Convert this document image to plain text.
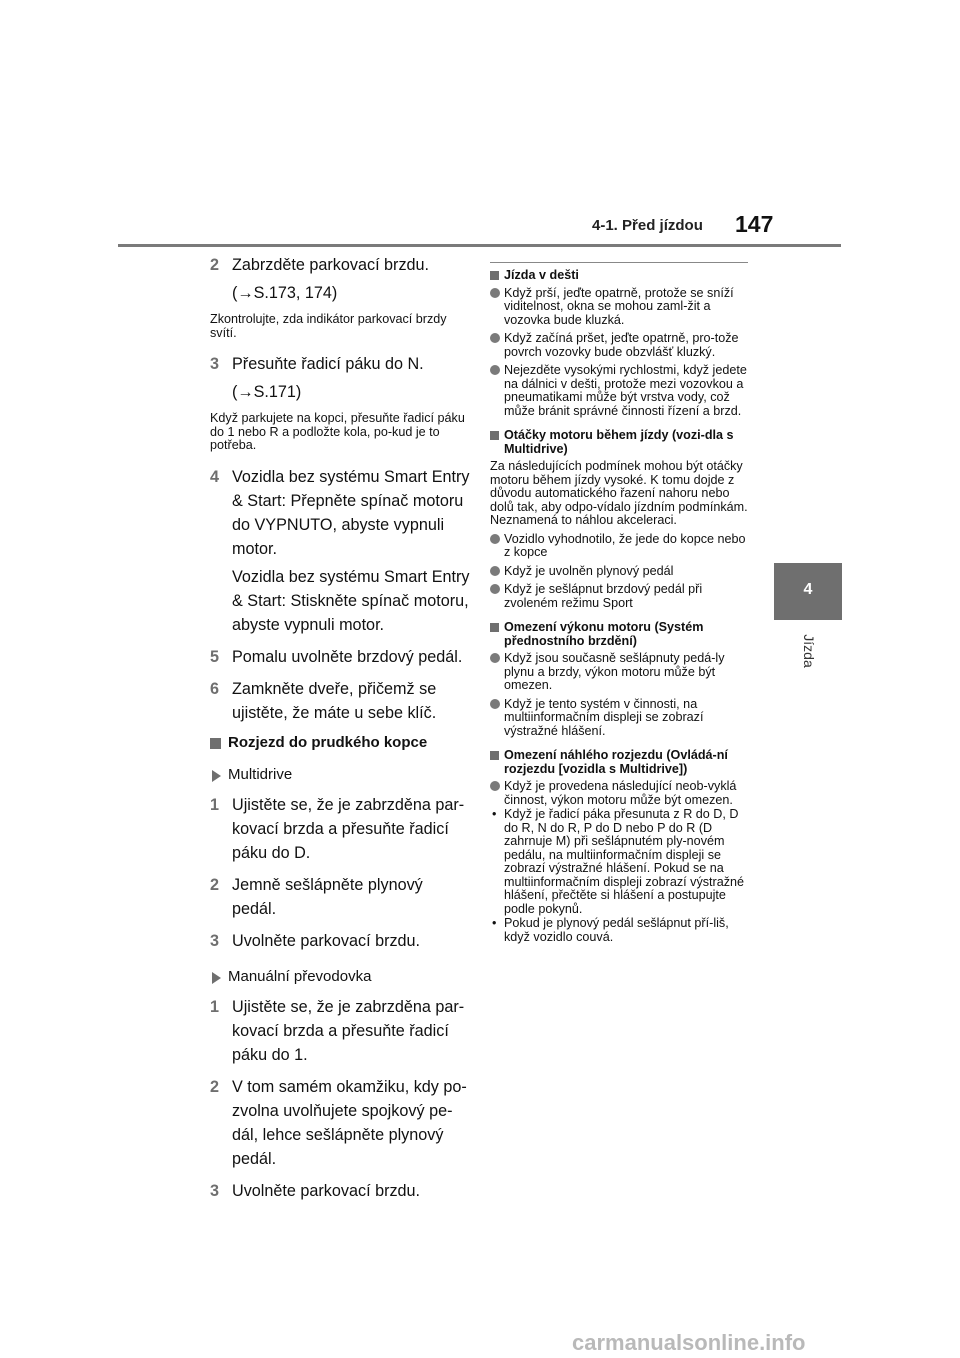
4-1. Před jízdou 147
4
Jízda
2 Zabrzděte parkovací brzdu.
(→S.173, 174)

Zkontrolujte, zda indikátor parkovací brzdy svítí.

3 Přesuňte řadicí páku do N.
(→S.171)

Když parkujete na kopci, přesuňte řadicí páku do 1 nebo R a podložte kola, po-kud je to potřeba.

4 Vozidla bez systému Smart Entry & Start: Přepněte spínač motoru do VYPNUTO, abyste vypnuli motor.
Vozidla bez systému Smart Entry & Start: Stiskněte spínač motoru, abyste vypnuli motor.
5 Pomalu uvolněte brzdový pedál.
6 Zamkněte dveře, přičemž se ujistěte, že máte u sebe klíč.
Rozjezd do prudkého kopce
Multidrive
1 Ujistěte se, že je zabrzděna par-kovací brzda a přesuňte řadicí páku do D.
2 Jemně sešlápněte plynový pedál.
3 Uvolněte parkovací brzdu.
Manuální převodovka
1 Ujistěte se, že je zabrzděna par-kovací brzda a přesuňte řadicí páku do 1.
2 V tom samém okamžiku, kdy po-zvolna uvolňujete spojkový pe-dál, lehce sešlápněte plynový pedál.
3 Uvolněte parkovací brzdu.
Jízda v dešti
Když prší, jeďte opatrně, protože se sníží viditelnost, okna se mohou zaml-žit a vozovka bude kluzká.
Když začíná pršet, jeďte opatrně, pro-tože povrch vozovky bude obzvlášť kluzký.
Nejezděte vysokými rychlostmi, když jedete na dálnici v dešti, protože mezi vozovkou a pneumatikami může být vrstva vody, což může bránit správné činnosti řízení a brzd.
Otáčky motoru během jízdy (vozi-dla s Multidrive)

Za následujících podmínek mohou být otáčky motoru během jízdy vysoké. K tomu dojde z důvodu automatického řazení nahoru nebo dolů tak, aby odpo-vídalo jízdním podmínkám. Neznamená to náhlou akceleraci.

Vozidlo vyhodnotilo, že jede do kopce nebo z kopce
Když je uvolněn plynový pedál
Když je sešlápnut brzdový pedál při zvoleném režimu Sport
Omezení výkonu motoru (Systém přednostního brzdění)
Když jsou současně sešlápnuty pedá-ly plynu a brzdy, výkon motoru může být omezen.
Když je tento systém v činnosti, na multiinformačním displeji se zobrazí výstražné hlášení.
Omezení náhlého rozjezdu (Ovládá-ní rozjezdu [vozidla s Multidrive])
Když je provedena následující neob-vyklá činnost, výkon motoru může být omezen.
• Když je řadicí páka přesunuta z R do D, D do R, N do R, P do D nebo P do R (D zahrnuje M) při sešlápnutém ply-novém pedálu, na multiinformačním displeji se zobrazí výstražné hlášení. Pokud se na multiinformačním displeji zobrazí výstražné hlášení, přečtěte si hlášení a postupujte podle pokynů.
• Pokud je plynový pedál sešlápnut pří-liš, když vozidlo couvá.
carmanualsonline.info
